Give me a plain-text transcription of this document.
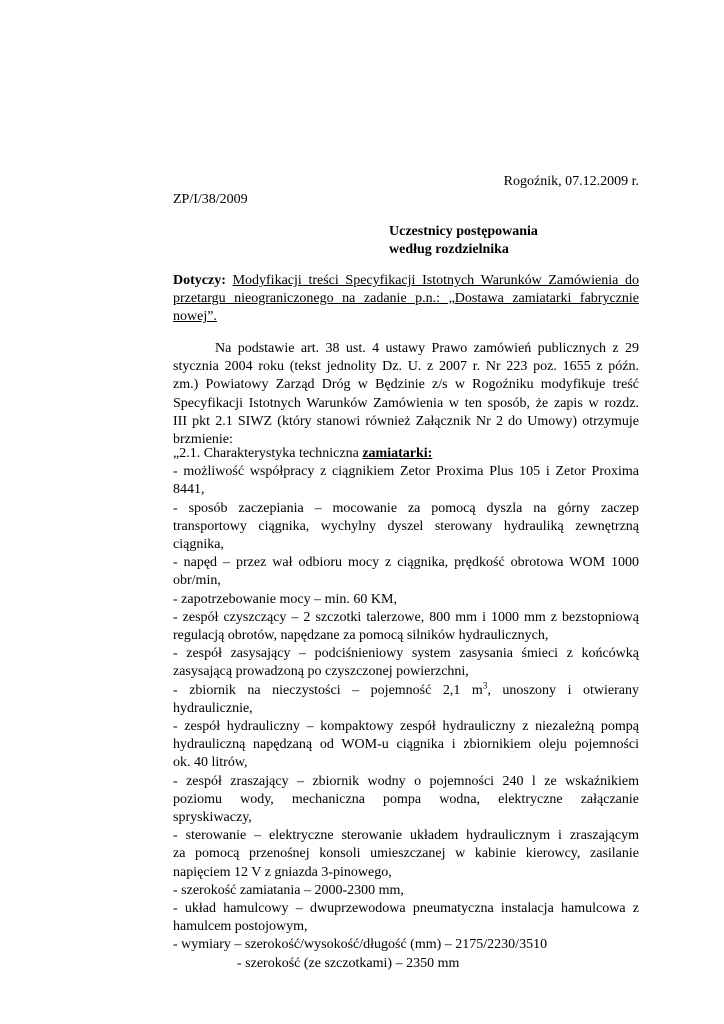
Rogoźnik, 07.12.2009 r.
ZP/I/38/2009
Uczestnicy postępowania
według rozdzielnika
Dotyczy: Modyfikacji treści Specyfikacji Istotnych Warunków Zamówienia do
przetargu nieograniczonego na zadanie p.n.: „Dostawa zamiatarki fabrycznie
nowej”.
Na podstawie art. 38 ust. 4 ustawy Prawo zamówień publicznych z 29
stycznia 2004 roku (tekst jednolity Dz. U. z 2007 r. Nr 223 poz. 1655 z późn.
zm.) Powiatowy Zarząd Dróg w Będzinie z/s w Rogoźniku modyfikuje treść
Specyfikacji Istotnych Warunków Zamówienia w ten sposób, że zapis w rozdz.
III pkt 2.1 SIWZ (który stanowi również Załącznik Nr 2 do Umowy) otrzymuje
brzmienie:
„2.1. Charakterystyka techniczna zamiatarki:
- możliwość współpracy z ciągnikiem Zetor Proxima Plus 105 i Zetor Proxima
8441,
- sposób zaczepiania – mocowanie za pomocą dyszla na górny zaczep
transportowy ciągnika, wychylny dyszel sterowany hydrauliką zewnętrzną
ciągnika,
- napęd – przez wał odbioru mocy z ciągnika, prędkość obrotowa WOM 1000
obr/min,
- zapotrzebowanie mocy – min. 60 KM,
- zespół czyszczący – 2 szczotki talerzowe, 800 mm i 1000 mm z bezstopniową
regulacją obrotów, napędzane za pomocą silników hydraulicznych,
- zespół zasysający – podciśnieniowy system zasysania śmieci z końcówką
zasysającą prowadzoną po czyszczonej powierzchni,
- zbiornik na nieczystości – pojemność 2,1 $m^3$, unoszony i otwierany
hydraulicznie,
- zespół hydrauliczny – kompaktowy zespół hydrauliczny z niezależną pompą
hydrauliczną napędzaną od WOM-u ciągnika i zbiornikiem oleju pojemności
ok. 40 litrów,
- zespół zraszający – zbiornik wodny o pojemności 240 l ze wskaźnikiem
poziomu wody, mechaniczna pompa wodna, elektryczne załączanie
spryskiwaczy,
- sterowanie – elektryczne sterowanie układem hydraulicznym i zraszającym
za pomocą przenośnej konsoli umieszczanej w kabinie kierowcy, zasilanie
napięciem 12 V z gniazda 3-pinowego,
- szerokość zamiatania – 2000-2300 mm,
- układ hamulcowy – dwuprzewodowa pneumatyczna instalacja hamulcowa z
hamulcem postojowym,
- wymiary – szerokość/wysokość/długość (mm) – 2175/2230/3510
- szerokość (ze szczotkami) – 2350 mm
